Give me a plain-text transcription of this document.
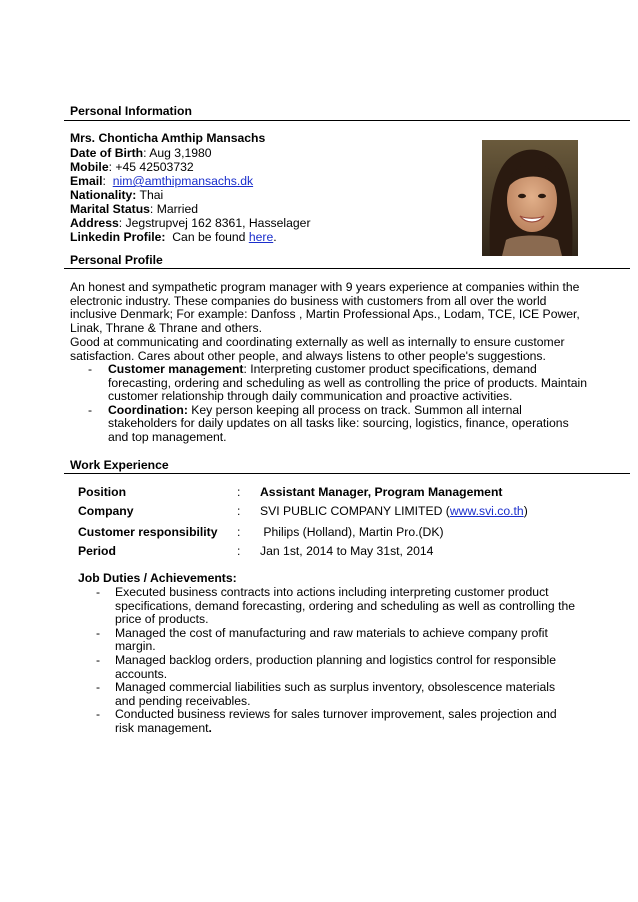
Personal Information
Mrs. Chonticha Amthip Mansachs
Date of Birth: Aug 3,1980
Mobile: +45 42503732
Email:  nim@amthipmansachs.dk
Nationality: Thai
Marital Status: Married
Address: Jegstrupvej 162 8361, Hasselager
Linkedin Profile:  Can be found here.
Personal Profile
An honest and sympathetic program manager with 9 years experience at companies within the electronic industry. These companies do business with customers from all over the world inclusive Denmark; For example: Danfoss , Martin Professional Aps., Lodam, TCE, ICE Power, Linak, Thrane & Thrane and others.
Good at communicating and coordinating externally as well as internally to ensure customer satisfaction. Cares about other people, and always listens to other people's suggestions.
- Customer management: Interpreting customer product specifications, demand forecasting, ordering and scheduling as well as controlling the price of products. Maintain customer relationship through daily communication and proactive activities.
- Coordination: Key person keeping all process on track. Summon all internal stakeholders for daily updates on all tasks like: sourcing, logistics, finance, operations and top management.
Work Experience
Position	: Assistant Manager, Program Management
Company	: SVI PUBLIC COMPANY LIMITED (www.svi.co.th)
Customer responsibility : Philips (Holland), Martin Pro.(DK)
Period	: Jan 1st, 2014 to May 31st, 2014
Job Duties / Achievements:
- Executed business contracts into actions including interpreting customer product specifications, demand forecasting, ordering and scheduling as well as controlling the price of products.
- Managed the cost of manufacturing and raw materials to achieve company profit margin.
- Managed backlog orders, production planning and logistics control for responsible accounts.
- Managed commercial liabilities such as surplus inventory, obsolescence materials and pending receivables.
- Conducted business reviews for sales turnover improvement, sales projection and risk management.
